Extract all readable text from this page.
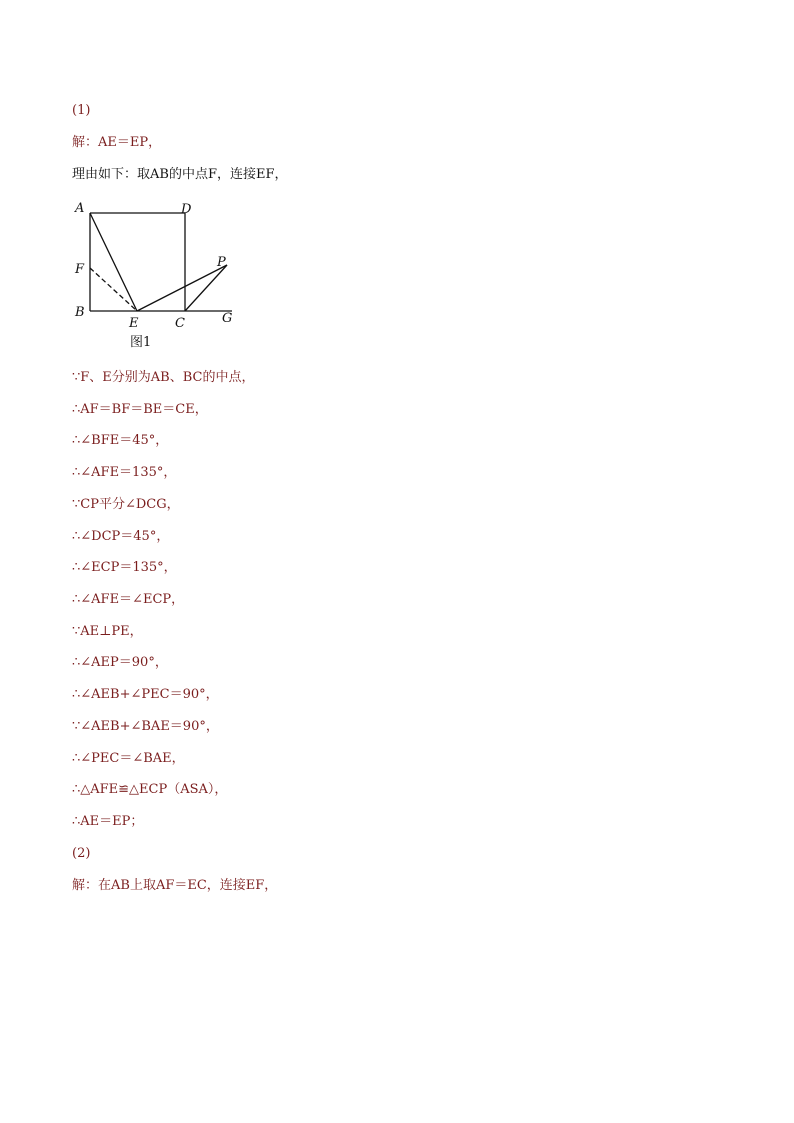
(1)
解：AE＝EP，
理由如下：取AB的中点F，连接EF，
A	D
F	P
B
E	C	G
图1
∵F、E分别为AB、BC的中点，
∴AF＝BF＝BE＝CE，
∴∠BFE＝45°，
∴∠AFE＝135°，
∵CP平分∠DCG，
∴∠DCP＝45°，
∴∠ECP＝135°，
∴∠AFE＝∠ECP，
∵AE⊥PE，
∴∠AEP＝90°，
∴∠AEB+∠PEC＝90°，
∵∠AEB+∠BAE＝90°，
∴∠PEC＝∠BAE，
∴△AFE≌△ECP（ASA），
∴AE＝EP；
(2)
解：在AB上取AF＝EC，连接EF，
